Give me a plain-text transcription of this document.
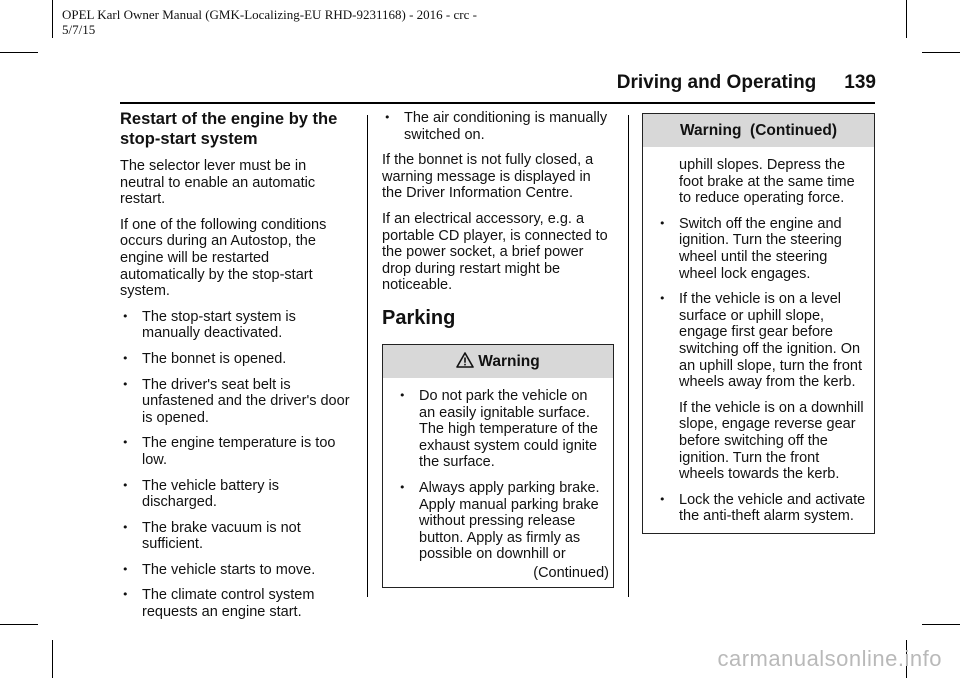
OPEL Karl Owner Manual (GMK-Localizing-EU RHD-9231168) - 2016 - crc -
5/7/15
Driving and Operating 139
Restart of the engine by the stop-start system

The selector lever must be in neutral to enable an automatic restart.

If one of the following conditions occurs during an Autostop, the engine will be restarted automatically by the stop-start system.

• The stop-start system is manually deactivated.
• The bonnet is opened.
• The driver's seat belt is unfastened and the driver's door is opened.
• The engine temperature is too low.
• The vehicle battery is discharged.
• The brake vacuum is not sufficient.
• The vehicle starts to move.
• The climate control system requests an engine start.
• The air conditioning is manually switched on.

If the bonnet is not fully closed, a warning message is displayed in the Driver Information Centre.

If an electrical accessory, e.g. a portable CD player, is connected to the power socket, a brief power drop during restart might be noticeable.

Parking
Warning
• Do not park the vehicle on an easily ignitable surface. The high temperature of the exhaust system could ignite the surface.
• Always apply parking brake. Apply manual parking brake without pressing release button. Apply as firmly as possible on downhill or
(Continued)
Warning  (Continued)

uphill slopes. Depress the foot brake at the same time to reduce operating force.

• Switch off the engine and ignition. Turn the steering wheel until the steering wheel lock engages.
• If the vehicle is on a level surface or uphill slope, engage first gear before switching off the ignition. On an uphill slope, turn the front wheels away from the kerb.

If the vehicle is on a downhill slope, engage reverse gear before switching off the ignition. Turn the front wheels towards the kerb.

• Lock the vehicle and activate the anti-theft alarm system.
carmanualsonline.info
